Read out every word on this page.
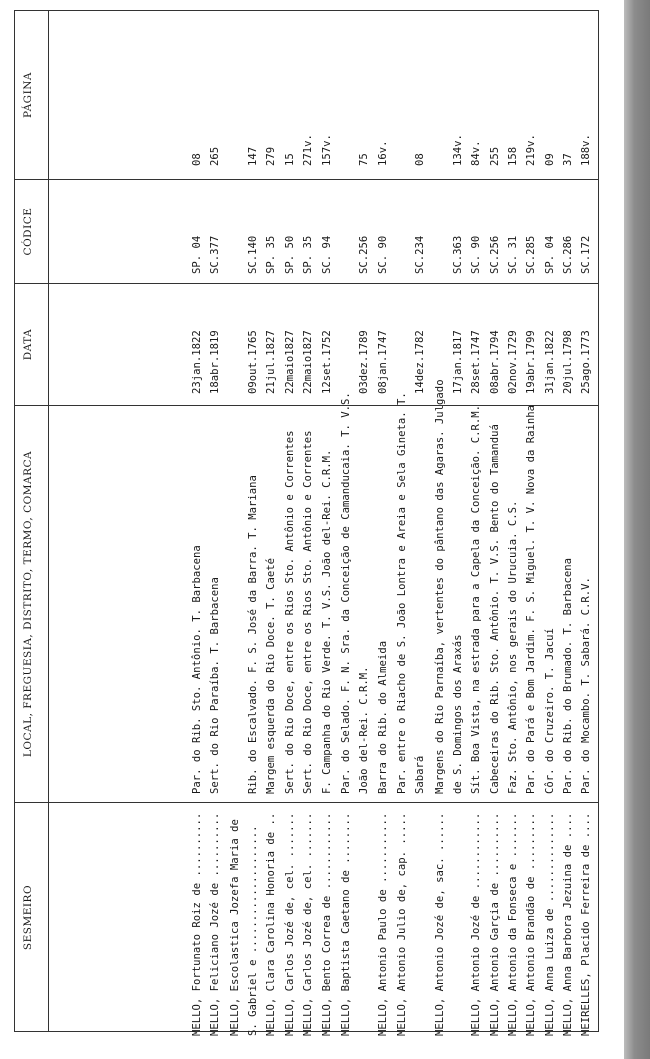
SESMEIRO
LOCAL, FREGUESIA, DISTRITO, TERMO, COMARCA
DATA
CÓDICE
PÁGINA
MEIRELLES, Placido Ferreira de ....
Par. do Mocambo. T. Sabará. C.R.V.
25ago.1773
SC.172
188v.
MELLO, Anna Barbora Jezuina de ....
Par. do Rib. do Brumado. T. Barbacena
20jul.1798
SC.286
37
MELLO, Anna Luiza de ..............
Côr. do Cruzeiro. T. Jacuí
31jan.1822
SP. 04
09
MELLO, Antonio Brandão de .........
Par. do Pará e Bom Jardim. F. S. Miguel. T. V. Nova da Rainha
19abr.1799
SC.285
219v.
MELLO, Antonio da Fonseca e .......
Faz. Sto. Antônio, nos gerais do Urucuia. C.S.
02nov.1729
SC. 31
158
MELLO, Antonio Garçia de ..........
Cabeceiras do Rib. Sto. Antônio. T. V.S. Bento do Tamanduá
08abr.1794
SC.256
255
MELLO, Antonio Jozé de ............
Sít. Boa Vista, na estrada para a Capela da Conceição. C.R.M.
28set.1747
SC. 90
84v.
MELLO, Antonio Jozé de, sac. ......
Margens do Rio Parnaíba, vertentes do pântano das Agaras. Julgado de S. Domingos dos Araxás
17jan.1817
SC.363
134v.
MELLO, Antonio Julio de, cap. .....
Par. entre o Riacho de S. João Lontra e Areia e Sela Gineta. T. Sabará
14dez.1782
SC.234
08
MELLO, Antonio Paulo de ...........
Barra do Rib. do Almeida
08jan.1747
SC. 90
16v.
MELLO, Baptista Caetano de ........
Par. do Selado. F. N. Sra. da Conceição de Camanducaia. T. V.S. João del-Rei. C.R.M.
03dez.1789
SC.256
75
MELLO, Bento Correa de ............
F. Campanha do Rio Verde. T. V.S. João del-Rei. C.R.M.
12set.1752
SC. 94
157v.
MELLO, Carlos Jozé de, cel. .......
Sert. do Rio Doce, entre os Rios Sto. Antônio e Correntes
22maio1827
SP. 35
271v.
MELLO, Carlos Jozé de, cel. .......
Sert. do Rio Doce, entre os Rios Sto. Antônio e Correntes
22maio1827
SP. 50
15
MELLO, Clara Carolina Honoria de ..
Margem esquerda do Rio Doce. T. Caeté
21jul.1827
SP. 35
279
MELLO, Escolastica Jozefa Maria de S. Gabriel e ....................
Rib. do Escalvado. F. S. José da Barra. T. Mariana
09out.1765
SC.140
147
MELLO, Feliciano Jozé de ..........
Sert. do Rio Paraíba. T. Barbacena
18abr.1819
SC.377
265
MELLO, Fortunato Roiz de ..........
Par. do Rib. Sto. Antônio. T. Barbacena
23jan.1822
SP. 04
08
